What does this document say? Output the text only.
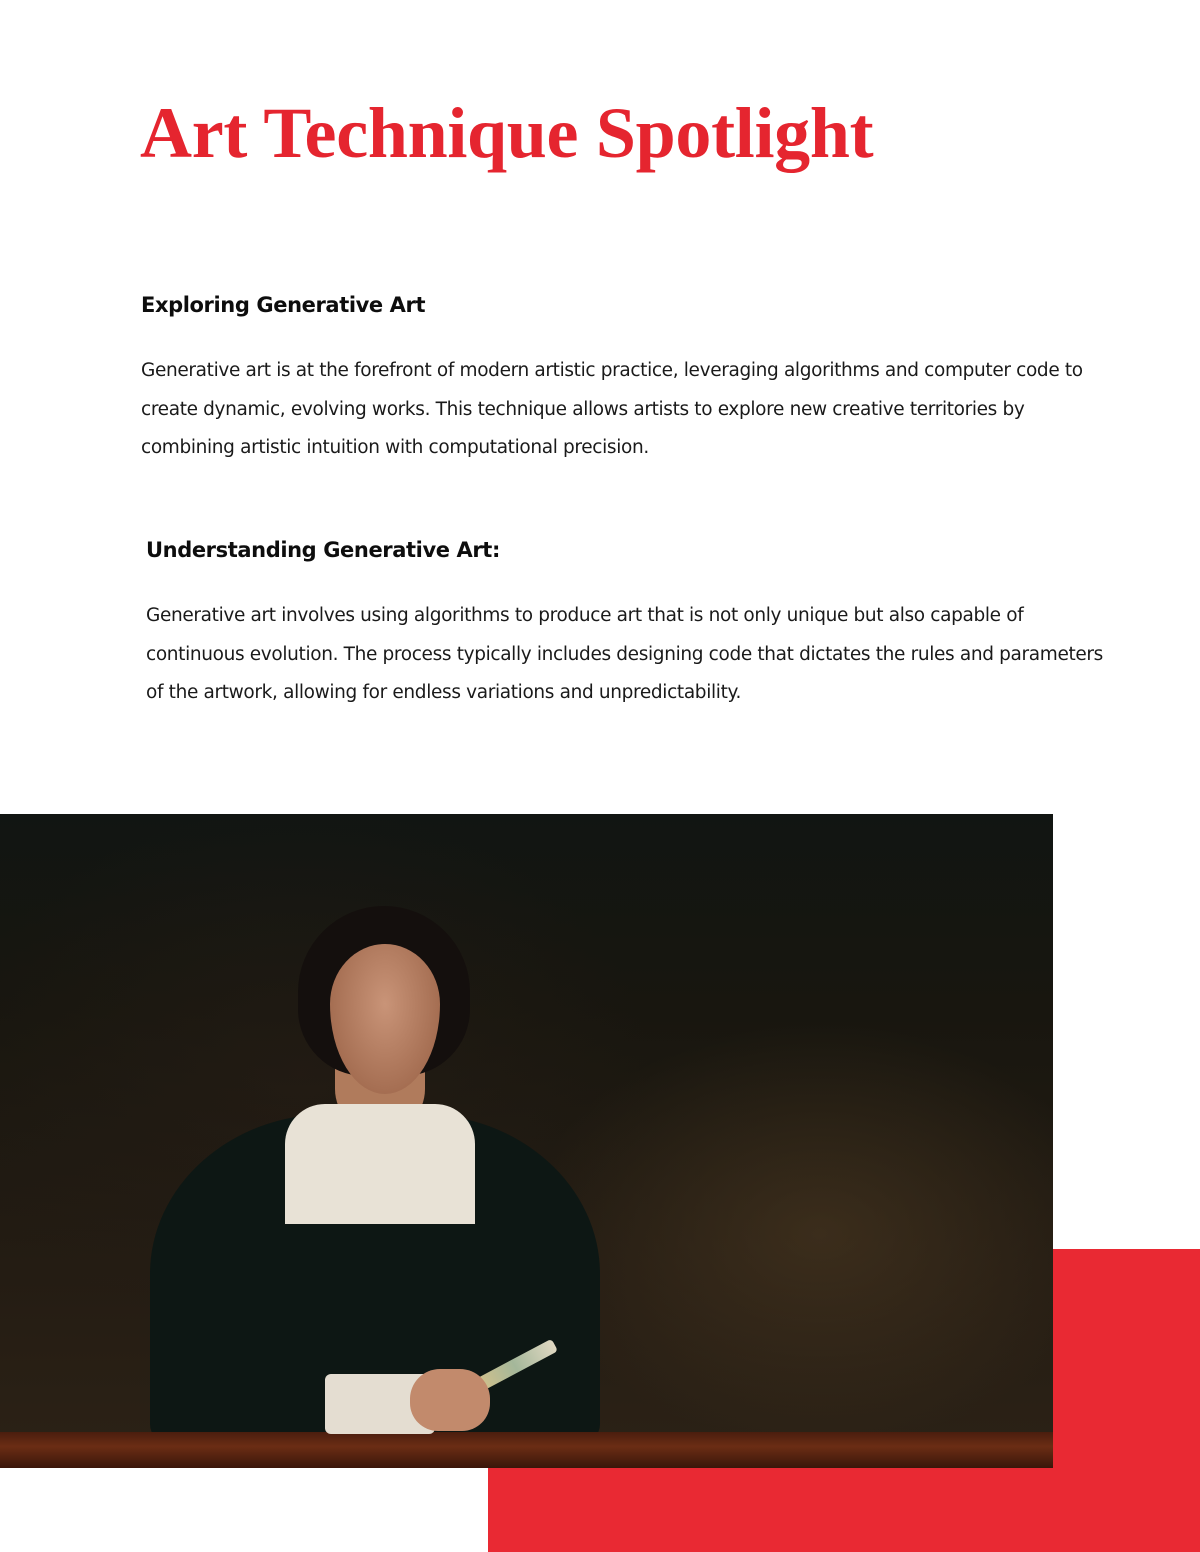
Art Technique Spotlight
Exploring Generative Art

Generative art is at the forefront of modern artistic practice, leveraging algorithms and computer code to create dynamic, evolving works. This technique allows artists to explore new creative territories by combining artistic intuition with computational precision.

Understanding Generative Art:

Generative art involves using algorithms to produce art that is not only unique but also capable of continuous evolution. The process typically includes designing code that dictates the rules and parameters of the artwork, allowing for endless variations and unpredictability.
